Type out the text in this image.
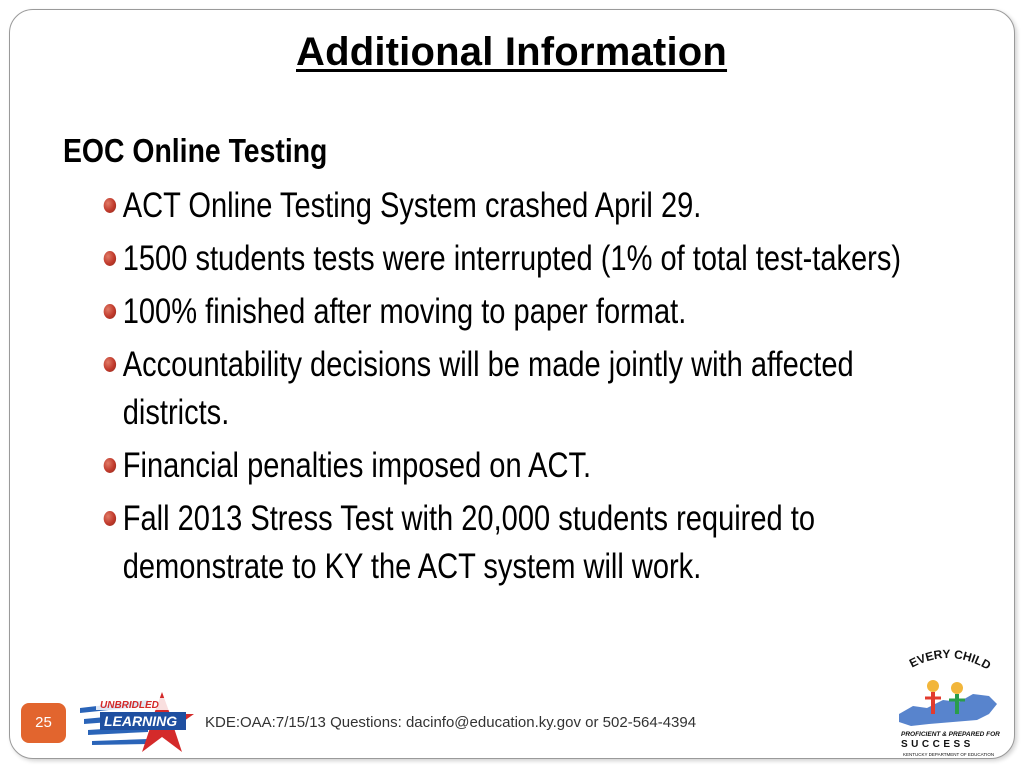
Additional Information
EOC Online Testing
ACT Online Testing System crashed April 29.
1500 students tests were interrupted (1% of total test-takers)
100% finished after moving to paper format.
Accountability decisions will be made jointly with affected districts.
Financial penalties imposed on ACT.
Fall 2013 Stress Test with 20,000 students required to demonstrate to KY the ACT system will work.
25
UNBRIDLED
LEARNING KDE:OAA:7/15/13 Questions: dacinfo@education.ky.gov or 502-564-4394
EVERY CHILD
PROFICIENT & PREPARED FOR
SUCCESS
KENTUCKY DEPARTMENT OF EDUCATION
